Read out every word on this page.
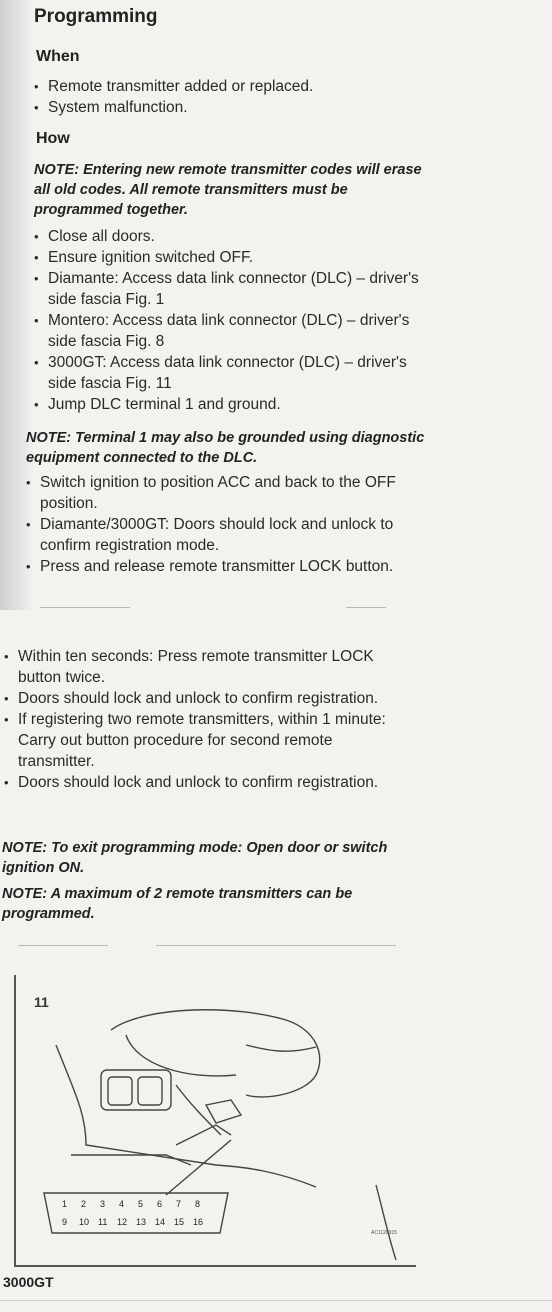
Programming
When
• Remote transmitter added or replaced.
• System malfunction.
How

NOTE: Entering new remote transmitter codes will erase all old codes. All remote transmitters must be programmed together.

• Close all doors.
• Ensure ignition switched OFF.
• Diamante: Access data link connector (DLC) – driver's side fascia Fig. 1
• Montero: Access data link connector (DLC) – driver's side fascia Fig. 8
• 3000GT: Access data link connector (DLC) – driver's side fascia Fig. 11
• Jump DLC terminal 1 and ground.

NOTE: Terminal 1 may also be grounded using diagnostic equipment connected to the DLC.

• Switch ignition to position ACC and back to the OFF position.
• Diamante/3000GT: Doors should lock and unlock to confirm registration mode.
• Press and release remote transmitter LOCK button.
• Within ten seconds: Press remote transmitter LOCK button twice.
• Doors should lock and unlock to confirm registration.
• If registering two remote transmitters, within 1 minute: Carry out button procedure for second remote transmitter.
• Doors should lock and unlock to confirm registration.

NOTE: To exit programming mode: Open door or switch ignition ON.

NOTE: A maximum of 2 remote transmitters can be programmed.

1 2 3 4 5 6 7 8
9 10 11 12 13 14 15 16
11
AC1128915
3000GT
